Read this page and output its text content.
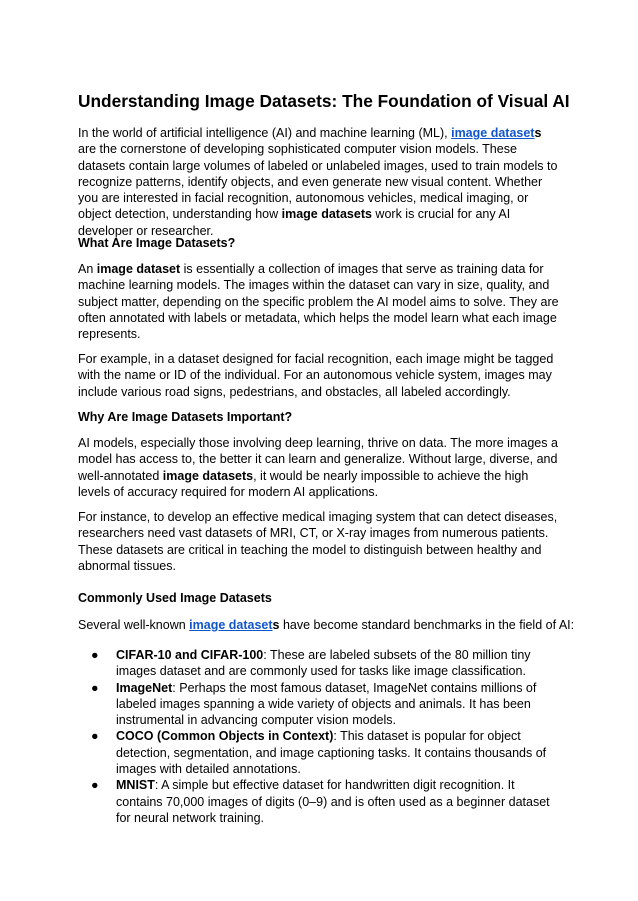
Understanding Image Datasets: The Foundation of Visual AI

In the world of artificial intelligence (AI) and machine learning (ML), image datasets are the cornerstone of developing sophisticated computer vision models. These datasets contain large volumes of labeled or unlabeled images, used to train models to recognize patterns, identify objects, and even generate new visual content. Whether you are interested in facial recognition, autonomous vehicles, medical imaging, or object detection, understanding how image datasets work is crucial for any AI developer or researcher.

What Are Image Datasets?

An image dataset is essentially a collection of images that serve as training data for machine learning models. The images within the dataset can vary in size, quality, and subject matter, depending on the specific problem the AI model aims to solve. They are often annotated with labels or metadata, which helps the model learn what each image represents.

For example, in a dataset designed for facial recognition, each image might be tagged with the name or ID of the individual. For an autonomous vehicle system, images may include various road signs, pedestrians, and obstacles, all labeled accordingly.

Why Are Image Datasets Important?

AI models, especially those involving deep learning, thrive on data. The more images a model has access to, the better it can learn and generalize. Without large, diverse, and well-annotated image datasets, it would be nearly impossible to achieve the high levels of accuracy required for modern AI applications.

For instance, to develop an effective medical imaging system that can detect diseases, researchers need vast datasets of MRI, CT, or X-ray images from numerous patients. These datasets are critical in teaching the model to distinguish between healthy and abnormal tissues.

Commonly Used Image Datasets

Several well-known image datasets have become standard benchmarks in the field of AI:

● CIFAR-10 and CIFAR-100: These are labeled subsets of the 80 million tiny images dataset and are commonly used for tasks like image classification.
● ImageNet: Perhaps the most famous dataset, ImageNet contains millions of labeled images spanning a wide variety of objects and animals. It has been instrumental in advancing computer vision models.
● COCO (Common Objects in Context): This dataset is popular for object detection, segmentation, and image captioning tasks. It contains thousands of images with detailed annotations.
● MNIST: A simple but effective dataset for handwritten digit recognition. It contains 70,000 images of digits (0–9) and is often used as a beginner dataset for neural network training.
